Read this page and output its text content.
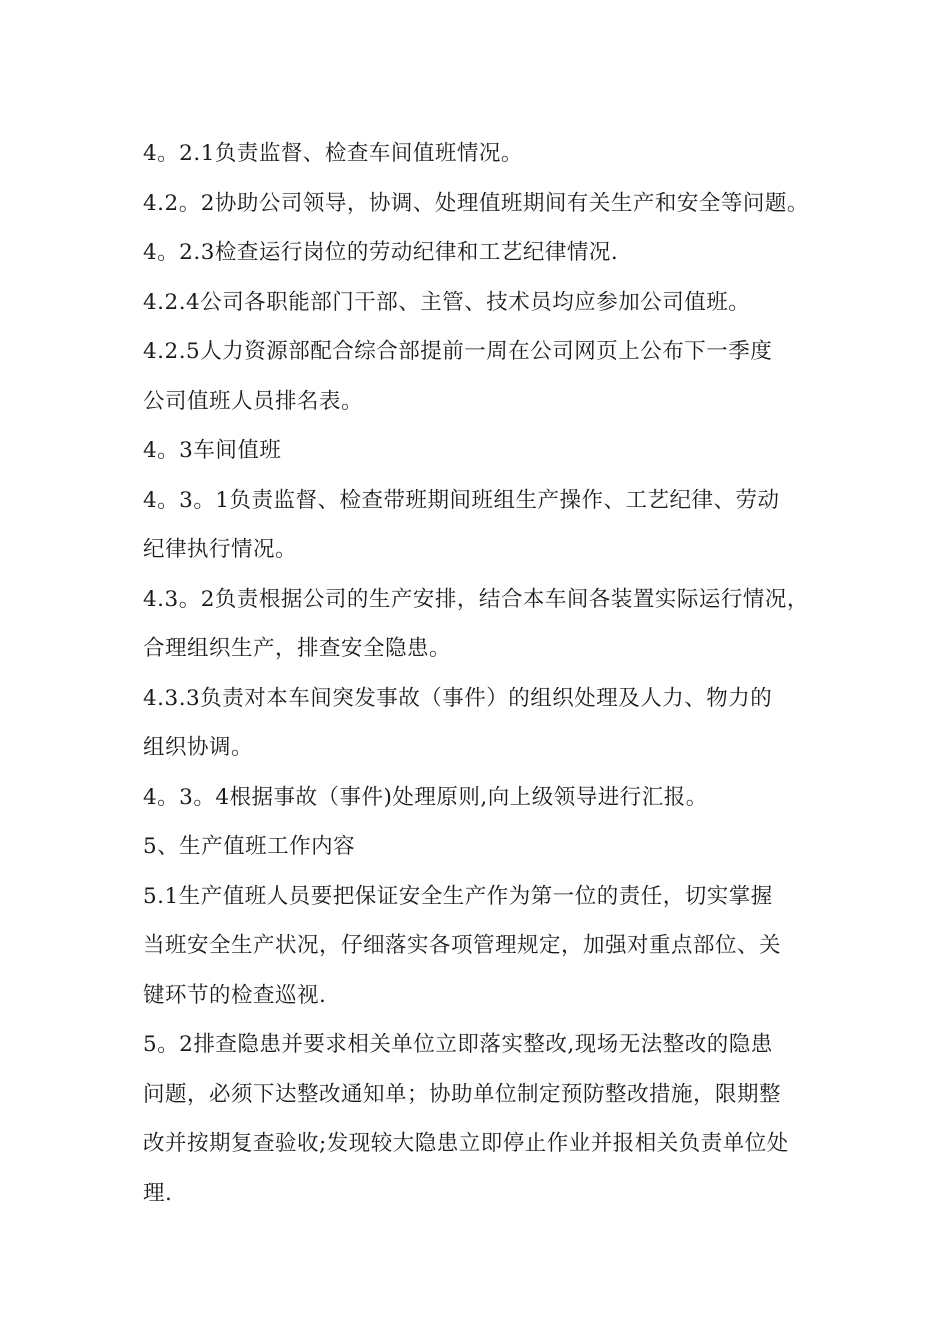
4。2.1负责监督、检查车间值班情况。
4.2。2协助公司领导，协调、处理值班期间有关生产和安全等问题。
4。2.3检查运行岗位的劳动纪律和工艺纪律情况.
4.2.4公司各职能部门干部、主管、技术员均应参加公司值班。
4.2.5人力资源部配合综合部提前一周在公司网页上公布下一季度
公司值班人员排名表。
4。3车间值班
4。3。1负责监督、检查带班期间班组生产操作、工艺纪律、劳动
纪律执行情况。
4.3。2负责根据公司的生产安排，结合本车间各装置实际运行情况，
合理组织生产，排查安全隐患。
4.3.3负责对本车间突发事故（事件）的组织处理及人力、物力的
组织协调。
4。3。4根据事故（事件)处理原则,向上级领导进行汇报。
5、生产值班工作内容
5.1生产值班人员要把保证安全生产作为第一位的责任，切实掌握
当班安全生产状况，仔细落实各项管理规定，加强对重点部位、关
键环节的检查巡视.
5。2排查隐患并要求相关单位立即落实整改,现场无法整改的隐患
问题，必须下达整改通知单；协助单位制定预防整改措施，限期整
改并按期复查验收;发现较大隐患立即停止作业并报相关负责单位处
理.
